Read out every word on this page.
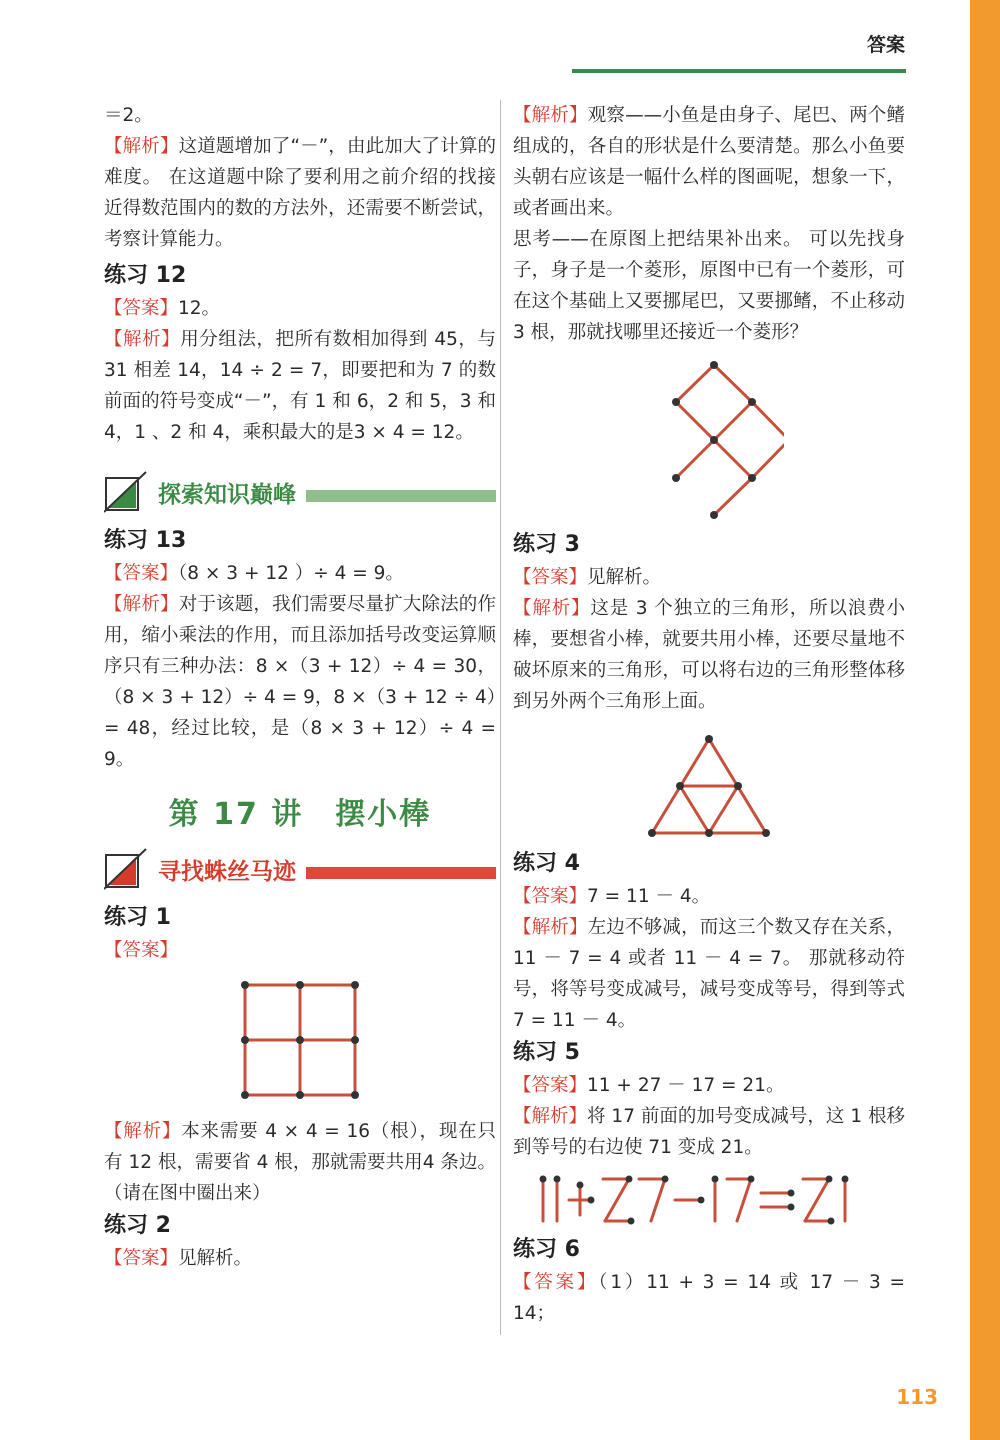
答案

＝2。

【解析】这道题增加了“－”，由此加大了计算的难度。 在这道题中除了要利用之前介绍的找接近得数范围内的数的方法外，还需要不断尝试，考察计算能力。

练习 12

【答案】12。

【解析】用分组法，把所有数相加得到 45，与 31 相差 14，14 ÷ 2 = 7，即要把和为 7 的数前面的符号变成“－”，有 1 和 6，2 和 5，3 和 4，1 、2 和 4，乘积最大的是3 × 4 = 12。

探索知识巅峰
练习 13

【答案】（8 × 3 + 12 ）÷ 4 = 9。

【解析】对于该题，我们需要尽量扩大除法的作用，缩小乘法的作用，而且添加括号改变运算顺序只有三种办法：8 ×（3 + 12）÷ 4 = 30，（8 × 3 + 12）÷ 4 = 9，8 ×（3 + 12 ÷ 4）= 48，经过比较，是（8 × 3 + 12）÷ 4 = 9。

第 17 讲　摆小棒
寻找蛛丝马迹
练习 1

【答案】

【解析】本来需要 4 × 4 = 16（根），现在只有 12 根，需要省 4 根，那就需要共用4 条边。（请在图中圈出来）

练习 2

【答案】见解析。

【解析】观察——小鱼是由身子、尾巴、两个鳍组成的，各自的形状是什么要清楚。那么小鱼要头朝右应该是一幅什么样的图画呢，想象一下，或者画出来。

思考——在原图上把结果补出来。 可以先找身子，身子是一个菱形，原图中已有一个菱形，可在这个基础上又要挪尾巴，又要挪鳍，不止移动 3 根，那就找哪里还接近一个菱形？

练习 3

【答案】见解析。

【解析】这是 3 个独立的三角形，所以浪费小棒，要想省小棒，就要共用小棒，还要尽量地不破坏原来的三角形，可以将右边的三角形整体移到另外两个三角形上面。

练习 4

【答案】7 = 11 － 4。

【解析】左边不够减，而这三个数又存在关系，11 － 7 = 4 或者 11 － 4 = 7。 那就移动符号，将等号变成减号，减号变成等号，得到等式 7 = 11 － 4。

练习 5

【答案】11 + 27 － 17 = 21。

【解析】将 17 前面的加号变成减号，这 1 根移到等号的右边使 71 变成 21。

练习 6

【答案】（1）11 + 3 = 14 或 17 － 3 = 14；

113
